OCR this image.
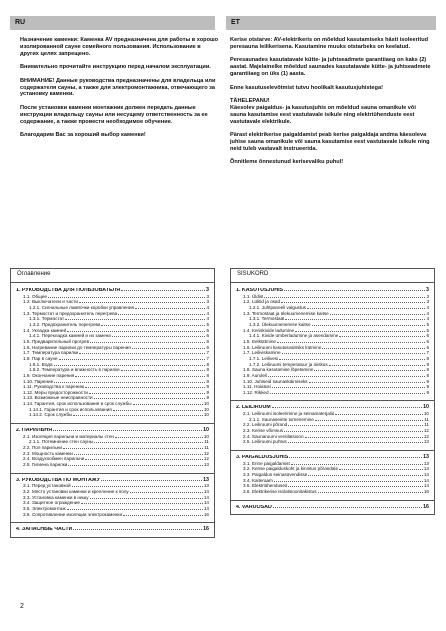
RU

Назначение каменки: Каменка AV предназначена для работы в хорошо изолированной сауне семейного пользования. Использование в других целях запрещено.

Внимательно прочитайте инструкцию перед началом эксплуатации.

ВНИМАНИЕ! Данные руководства предназначены для владельца или содержателя сауны, а также для электромонтажника, отвечающего за установку каменки.

После установки каменки монтажник должен передать данные инструкции владельцу сауны или несущему ответственность за ее содержание, а также провести необходимое обучение.

Благодарим Вас за хороший выбор каменки!

Оглавление
1. РУКОВОДСТВА ДЛЯ ПОЛЬЗОВАТЕЛЯ	3
1.1. Общее	3
1.2. Выключатели и части	3
1.2.1. Сигнальные лампочки коробки управления	4
1.3. Термостат и предохранитель перегрева	4
1.3.1. Термостат	4
1.3.2. Предохранитель перегрева	5
1.4. Укладка камней	5
1.4.1. Перекладка камней и их замена	6
1.5. Предварительный прогрев	6
1.6. Нагревание парилки до температуры парения	6
1.7. Температура парилки	7
1.8. Пар в сауне	7
1.8.1. Вода	8
1.8.2. Температура и влажность в парилке	8
1.9. Окончание парения	8
1.10. Парение	8
1.11. Руководства к парению	9
1.12. Меры предосторожности	9
1.13. Возможные неисправности	9
1.14. Гарантия, срок использования и срок службы	10
1.14.1. Гарантия и срок использования	10
1.14.2. Срок службы	10
2. ПАРИЛЬНЯ	10
2.1. Изоляция парильни и материалы стен	10
2.1.1. Потемнение стен сауны	11
2.2. Пол парильни	11
2.3. Мощность каменки	12
2.4. Воздухообмен парильни	12
2.5. Гигиена парилки	13
3. РУКОВОДСТВА ПО МОНТАЖУ	13
3.1. Перед установкой	13
3.2. Место установки каменки и крепление к полу	14
3.3. Установка каменки в нишу	14
3.4. Защитное ограждение	14
3.5. Электромонтаж	14
3.6. Сопротивление изоляции электрокаменки	16
4. ЗАПАСНЫЕ ЧАСТИ	16
ET

Kerise otstarve: AV-elektrikeris on mõeldud kasutamiseks hästi isoleeritud peresauna leilikerisena. Kasutamine muuks otstarbeks on keelatud.

Peresaunades kasutatavate kütte- ja juhtseadmete garantiiaeg on kaks (2) aastat. Majelainelke mõeldud saunades kasutatavate kütte- ja juhtseadmete garantiiaeg on üks (1) aasta.

Enne kasutuselevõtmist tutvu hoolikalt kasutusjuhistega!

TÄHELEPANU!

Käesolev paigaldus- ja kasutusjuhis on mõeldud sauna omanikule või sauna kasutamise eest vastutavale isikule ning elektriühenduste eest vastutavale elektrikule.

Pärast elektrikerise paigaldamist peab kerise paigaldaja andma käesoleva juhise sauna omanikule või sauna kasutamise eest vastutavale isikule ning neid tuleb vastavalt instrueerida.

Õnnitleme õnnestunud kerisevaliku puhul!

SISUKORD
1. KASUTUSJUHIS	3
1.1. Üldist	3
1.2. Lülitid ja osad	3
1.2.1. Juhtpaneeli valgustus	4
1.3. Termostaat ja ülekuumenemise kaitse	4
1.3.1. Termostaat	4
1.3.2. Ülekuumenemise kaitse	5
1.4. Keriskivide ladumine	5
1.4.1. Kivide ümberladumine ja asendamine	6
1.5. Eelküttmine	6
1.6. Leiliruumi kasutusvalmiks kütmine	6
1.7. Leiliviskamine	7
1.7.1. Leilivesi	8
1.7.2. Leiliruumi temperatuur ja niiskus	8
1.8. Sauna kasutamise lõpetamine	8
1.9. Auruleil	8
1.10. Juhiseid saunaskäimiseks	9
1.11. Hoiatusi	9
1.12. Rikked	9
2. LEILIRUUM	10
2.1. Leiliruumi isoleerimine ja seinamaterjalid	10
2.1.1. Saunaseinte tumenemine	11
2.2. Leiliruumi põrand	11
2.3. Kerise võimsus	12
2.4. Saunaruumi ventilatsioon	12
2.5. Leiliruumi puhtus	13
3. PAIGALDUSJUHIS	13
3.1. Enne paigaldamist	13
3.2. Kerise paigalduskoht ja kinnitus põrandale	14
3.3. Paigaldus seinasüvendisse	14
3.4. Kaiteraam	14
3.5. Elektriühendused	14
3.6. Elektrikerise isolatsioonitakistus	16
4. VARUOSAD	16
2
